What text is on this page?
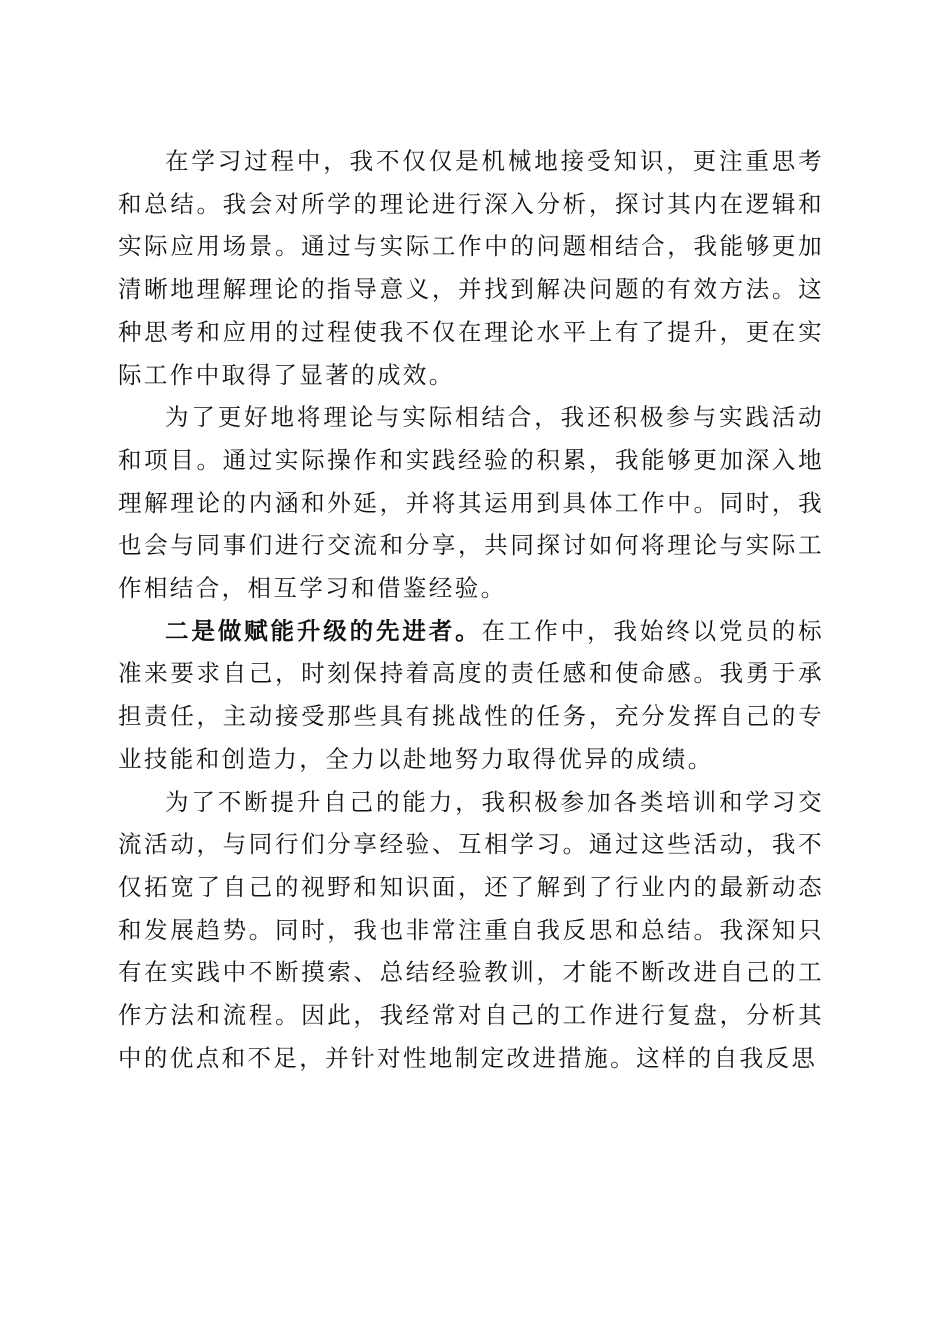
在学习过程中，我不仅仅是机械地接受知识，更注重思考和总结。我会对所学的理论进行深入分析，探讨其内在逻辑和实际应用场景。通过与实际工作中的问题相结合，我能够更加清晰地理解理论的指导意义，并找到解决问题的有效方法。这种思考和应用的过程使我不仅在理论水平上有了提升，更在实际工作中取得了显著的成效。

为了更好地将理论与实际相结合，我还积极参与实践活动和项目。通过实际操作和实践经验的积累，我能够更加深入地理解理论的内涵和外延，并将其运用到具体工作中。同时，我也会与同事们进行交流和分享，共同探讨如何将理论与实际工作相结合，相互学习和借鉴经验。

二是做赋能升级的先进者。在工作中，我始终以党员的标准来要求自己，时刻保持着高度的责任感和使命感。我勇于承担责任，主动接受那些具有挑战性的任务，充分发挥自己的专业技能和创造力，全力以赴地努力取得优异的成绩。

为了不断提升自己的能力，我积极参加各类培训和学习交流活动，与同行们分享经验、互相学习。通过这些活动，我不仅拓宽了自己的视野和知识面，还了解到了行业内的最新动态和发展趋势。同时，我也非常注重自我反思和总结。我深知只有在实践中不断摸索、总结经验教训，才能不断改进自己的工作方法和流程。因此，我经常对自己的工作进行复盘，分析其中的优点和不足，并针对性地制定改进措施。这样的自我反思
